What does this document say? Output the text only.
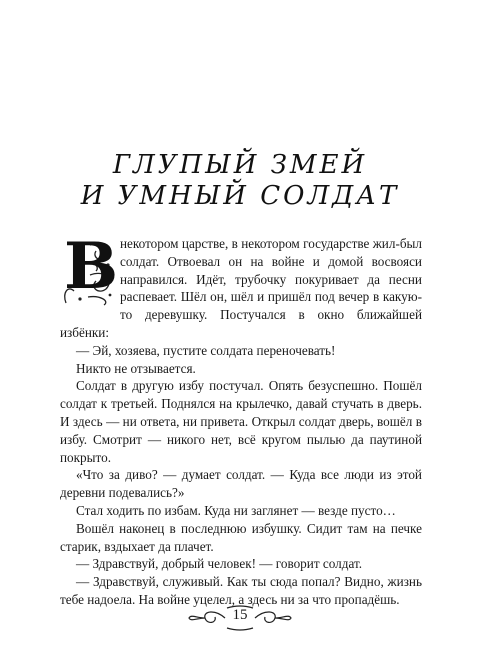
ГЛУПЫЙ ЗМЕЙ
И УМНЫЙ СОЛДАТ
В некотором царстве, в некотором государстве жил-был солдат. Отвоевал он на войне и домой восвояси направился. Идёт, трубочку покуривает да песни распевает. Шёл он, шёл и пришёл под вечер в какую-то деревушку. Постучался в окно ближайшей избёнки:

— Эй, хозяева, пустите солдата переночевать!

Никто не отзывается.

Солдат в другую избу постучал. Опять безуспешно. Пошёл солдат к третьей. Поднялся на крылечко, давай стучать в дверь. И здесь — ни ответа, ни привета. Открыл солдат дверь, вошёл в избу. Смотрит — никого нет, всё кругом пылью да паутиной покрыто.

«Что за диво? — думает солдат. — Куда все люди из этой деревни подевались?»

Стал ходить по избам. Куда ни заглянет — везде пусто…

Вошёл наконец в последнюю избушку. Сидит там на печке старик, вздыхает да плачет.

— Здравствуй, добрый человек! — говорит солдат.

— Здравствуй, служивый. Как ты сюда попал? Видно, жизнь тебе надоела. На войне уцелел, а здесь ни за что пропадёшь.

15
